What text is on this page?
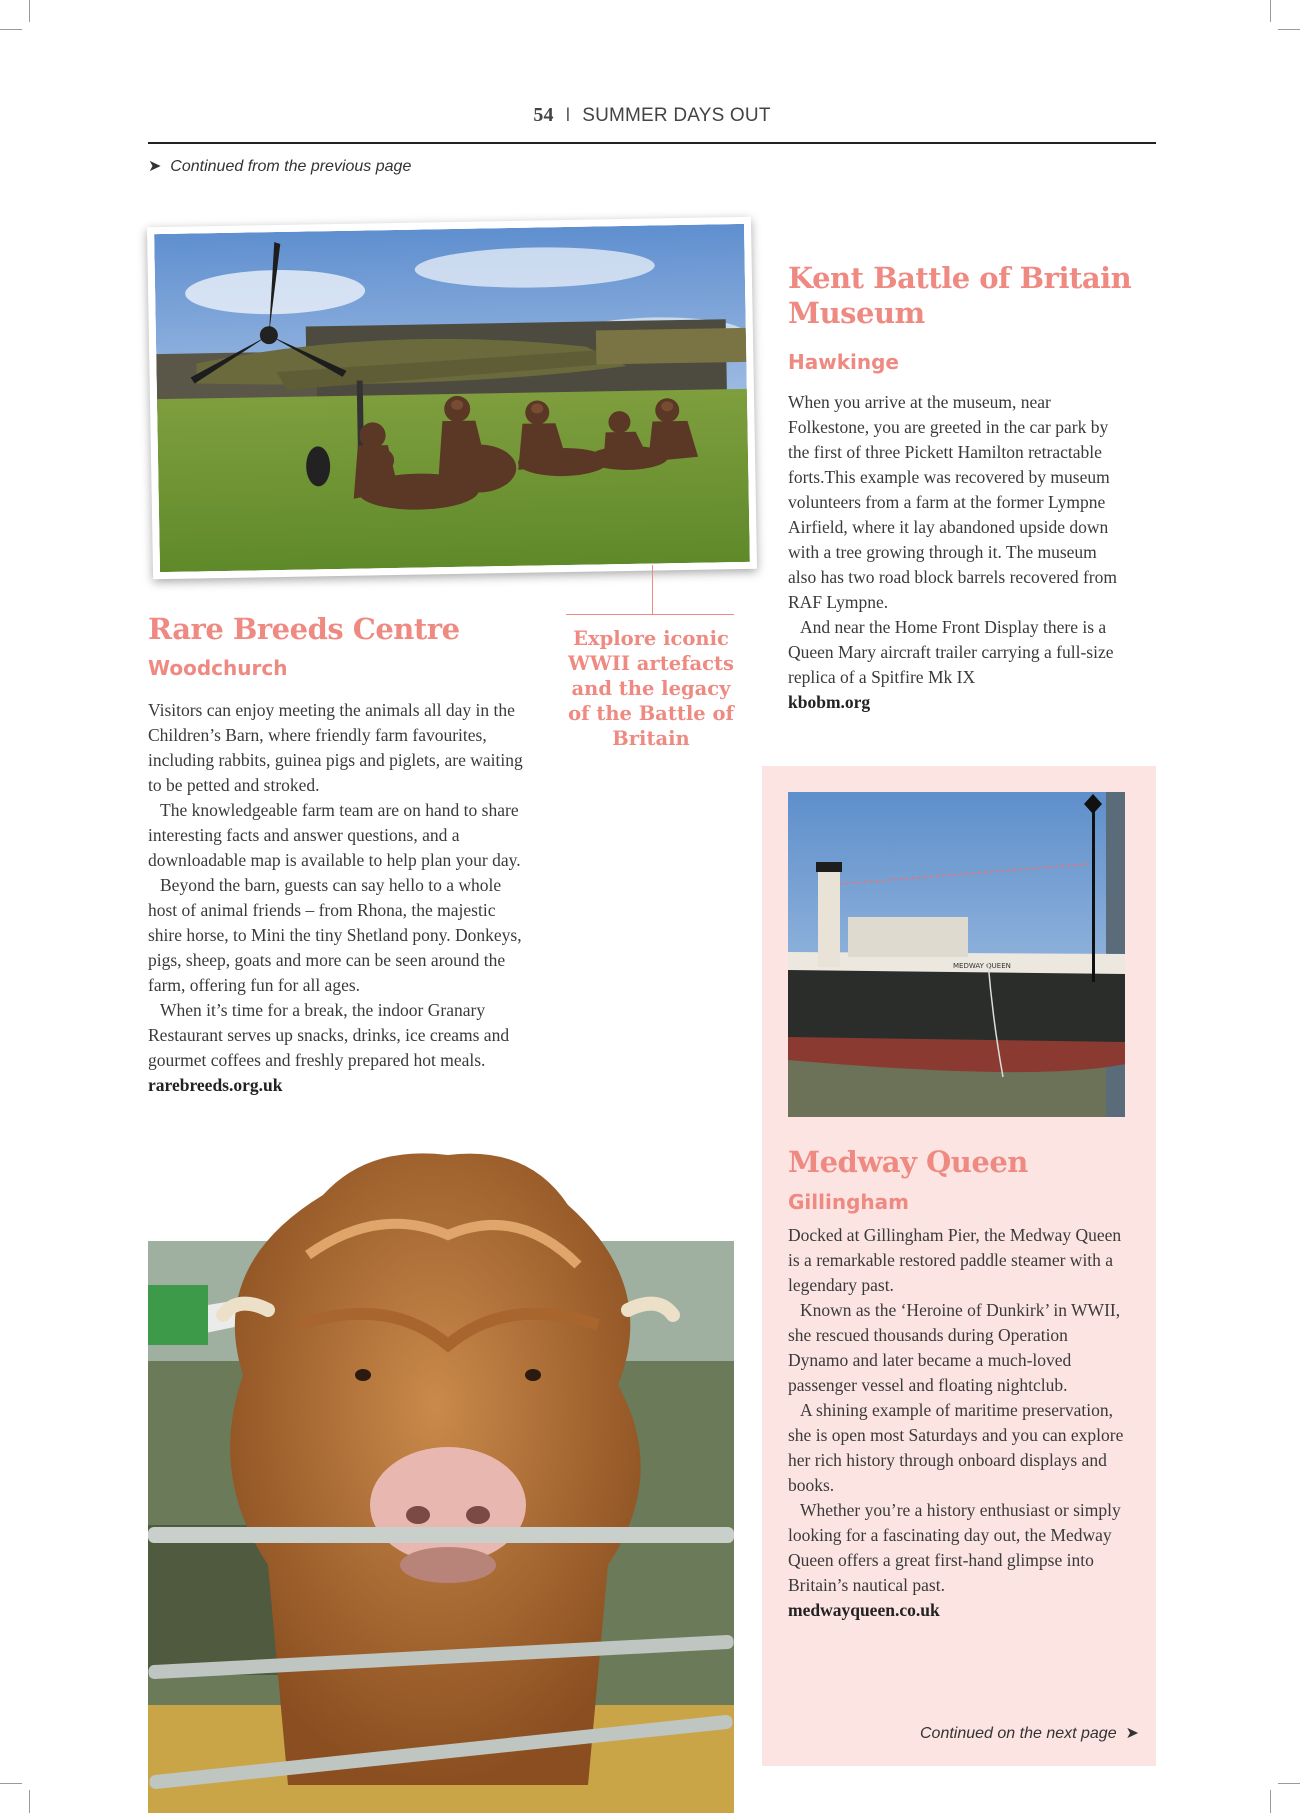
54 I SUMMER DAYS OUT
➤ Continued from the previous page
Kent Battle of Britain Museum
Hawkinge

When you arrive at the museum, near Folkestone, you are greeted in the car park by the first of three Pickett Hamilton retractable forts.This example was recovered by museum volunteers from a farm at the former Lympne Airfield, where it lay abandoned upside down with a tree growing through it. The museum also has two road block barrels recovered from RAF Lympne.

And near the Home Front Display there is a Queen Mary aircraft trailer carrying a full-size replica of a Spitfire Mk IX

kbobm.org
Explore iconic WWII artefacts and the legacy of the Battle of Britain
Rare Breeds Centre
Woodchurch

Visitors can enjoy meeting the animals all day in the Children’s Barn, where friendly farm favourites, including rabbits, guinea pigs and piglets, are waiting to be petted and stroked.

The knowledgeable farm team are on hand to share interesting facts and answer questions, and a downloadable map is available to help plan your day.

Beyond the barn, guests can say hello to a whole host of animal friends – from Rhona, the majestic shire horse, to Mini the tiny Shetland pony. Donkeys, pigs, sheep, goats and more can be seen around the farm, offering fun for all ages.

When it’s time for a break, the indoor Granary Restaurant serves up snacks, drinks, ice creams and gourmet coffees and freshly prepared hot meals.

rarebreeds.org.uk
MEDWAY QUEEN
Medway Queen
Gillingham

Docked at Gillingham Pier, the Medway Queen is a remarkable restored paddle steamer with a legendary past.

Known as the ‘Heroine of Dunkirk’ in WWII, she rescued thousands during Operation Dynamo and later became a much-loved passenger vessel and floating nightclub.

A shining example of maritime preservation, she is open most Saturdays and you can explore her rich history through onboard displays and books.

Whether you’re a history enthusiast or simply looking for a fascinating day out, the Medway Queen offers a great first-hand glimpse into Britain’s nautical past.

medwayqueen.co.uk
Continued on the next page ➤
